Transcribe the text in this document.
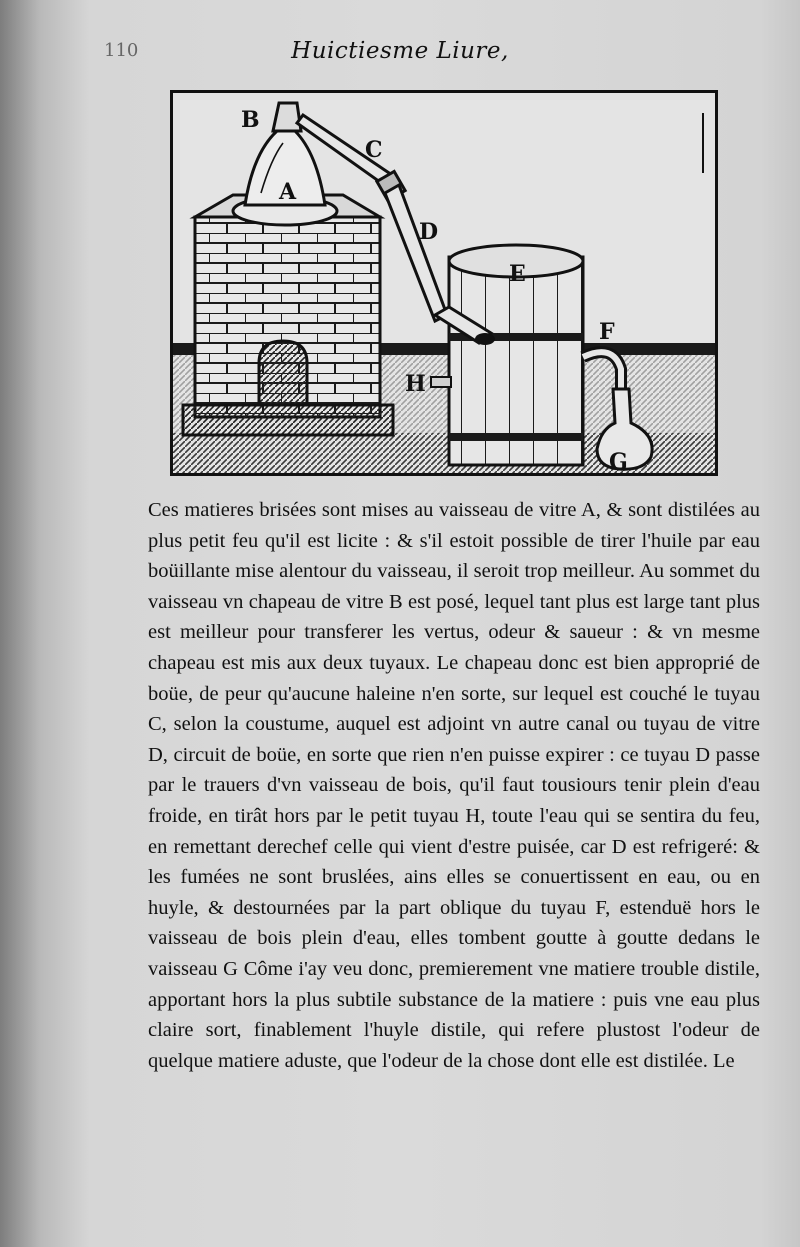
110	Huictiesme Liure,
B
A
C
D
E
F
H
G

Ces matieres brisées sont mises au vaisseau de vitre A, & sont distilées au plus petit feu qu'il est licite : & s'il estoit possible de tirer l'huile par eau boüillante mise alentour du vaisseau, il seroit trop meilleur. Au sommet du vaisseau vn chapeau de vitre B est posé, lequel tant plus est large tant plus est meilleur pour transferer les vertus, odeur & saueur : & vn mesme chapeau est mis aux deux tuyaux. Le chapeau donc est bien approprié de boüe, de peur qu'aucune haleine n'en sorte, sur lequel est couché le tuyau C, selon la coustume, auquel est adjoint vn autre canal ou tuyau de vitre D, circuit de boüe, en sorte que rien n'en puisse expirer : ce tuyau D passe par le trauers d'vn vaisseau de bois, qu'il faut tousiours tenir plein d'eau froide, en tirât hors par le petit tuyau H, toute l'eau qui se sentira du feu, en remettant derechef celle qui vient d'estre puisée, car D est refrigeré: & les fumées ne sont bruslées, ains elles se conuertissent en eau, ou en huyle, & destournées par la part oblique du tuyau F, estenduë hors le vaisseau de bois plein d'eau, elles tombent goutte à goutte dedans le vaisseau G Côme i'ay veu donc, premierement vne matiere trouble distile, apportant hors la plus subtile substance de la matiere : puis vne eau plus claire sort, finablement l'huyle distile, qui refere plustost l'odeur de quelque matiere aduste, que l'odeur de la chose dont elle est distilée. Le
